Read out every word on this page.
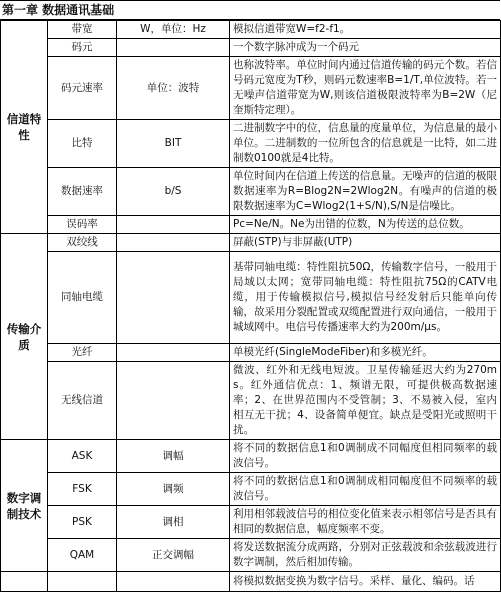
第一章 数据通讯基础
信道特性	带宽	W，单位：Hz	模拟信道带宽W=f2-f1。
	码元		一个数字脉冲成为一个码元
	码元速率	单位：波特	也称波特率。单位时间内通过信道传输的码元个数。若信号码元宽度为T秒，则码元数速率B=1/T,单位波特。若一无噪声信道带宽为W,则该信道极限波特率为B=2W（尼奎斯特定理）。
	比特	BIT	二进制数字中的位，信息量的度量单位，为信息量的最小单位。二进制数的一位所包含的信息就是一比特，如二进制数0100就是4比特。
	数据速率	b/S	单位时间内在信道上传送的信息量。无噪声的信道的极限数据速率为R=Blog2N=2Wlog2N。有噪声的信道的极限数据速率为C=Wlog2(1+S/N),S/N是信噪比。
	误码率		Pc=Ne/N。Ne为出错的位数，N为传送的总位数。
传输介质	双绞线		屏蔽(STP)与非屏蔽(UTP)
	同轴电缆		基带同轴电缆：特性阻抗50Ω，传输数字信号，一般用于局域以太网；宽带同轴电缆：特性阻抗75Ω的CATV电缆，用于传输模拟信号,模拟信号经发射后只能单向传输，故采用分裂配置或双缆配置进行双向通信，一般用于城域网中。电信号传播速率大约为200m/μs。
	光纤		单模光纤(SingleModeFiber)和多模光纤。
	无线信道		微波、红外和无线电短波。卫星传输延迟大约为270ms。红外通信优点：1、频谱无限，可提供极高数据速率；2、在世界范围内不受管制；3、不易被入侵，室内相互无干扰；4、设备简单便宜。缺点是受阳光或照明干扰。
数字调制技术	ASK	调幅	将不同的数据信息1和0调制成不同幅度但相同频率的载波信号。
	FSK	调频	将不同的数据信息1和0调制成相同幅度但不同频率的载波信号。
	PSK	调相	利用相邻载波信号的相位变化值来表示相邻信号是否具有相同的数据信息，幅度频率不变。
	QAM	正交调幅	将发送数据流分成两路，分别对正弦载波和余弦载波进行数字调制，然后相加传输。
			将模拟数据变换为数字信号。采样、量化、编码。话
